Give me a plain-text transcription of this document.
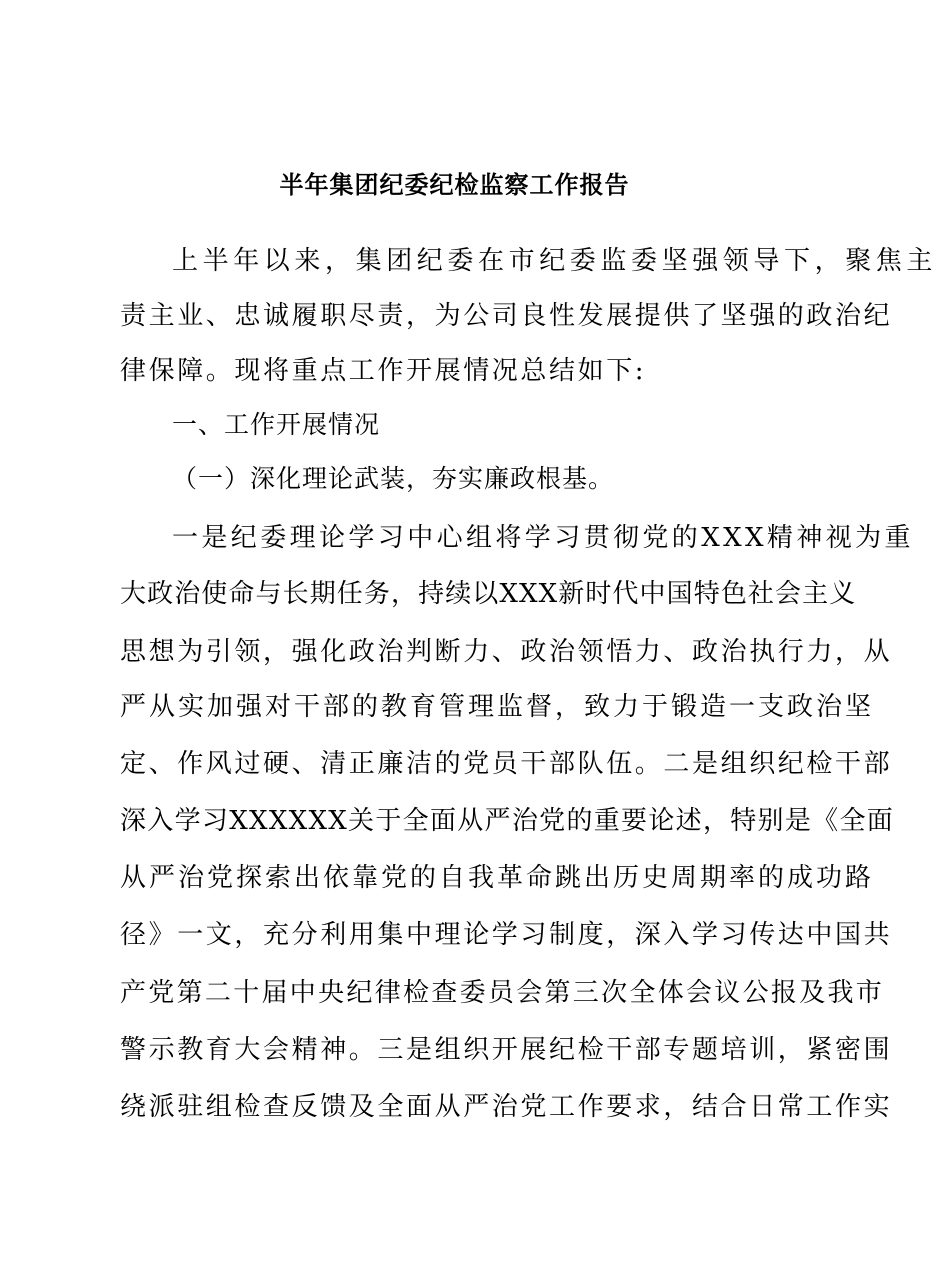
半年集团纪委纪检监察工作报告
上半年以来，集团纪委在市纪委监委坚强领导下，聚焦主
责主业、忠诚履职尽责，为公司良性发展提供了坚强的政治纪
律保障。现将重点工作开展情况总结如下:
一、工作开展情况
（一）深化理论武装，夯实廉政根基。
一是纪委理论学习中心组将学习贯彻党的XXX精神视为重
大政治使命与长期任务，持续以XXX新时代中国特色社会主义
思想为引领，强化政治判断力、政治领悟力、政治执行力，从
严从实加强对干部的教育管理监督，致力于锻造一支政治坚
定、作风过硬、清正廉洁的党员干部队伍。二是组织纪检干部
深入学习XXXXXX关于全面从严治党的重要论述，特别是《全面
从严治党探索出依靠党的自我革命跳出历史周期率的成功路
径》一文，充分利用集中理论学习制度，深入学习传达中国共
产党第二十届中央纪律检查委员会第三次全体会议公报及我市
警示教育大会精神。三是组织开展纪检干部专题培训，紧密围
绕派驻组检查反馈及全面从严治党工作要求，结合日常工作实
